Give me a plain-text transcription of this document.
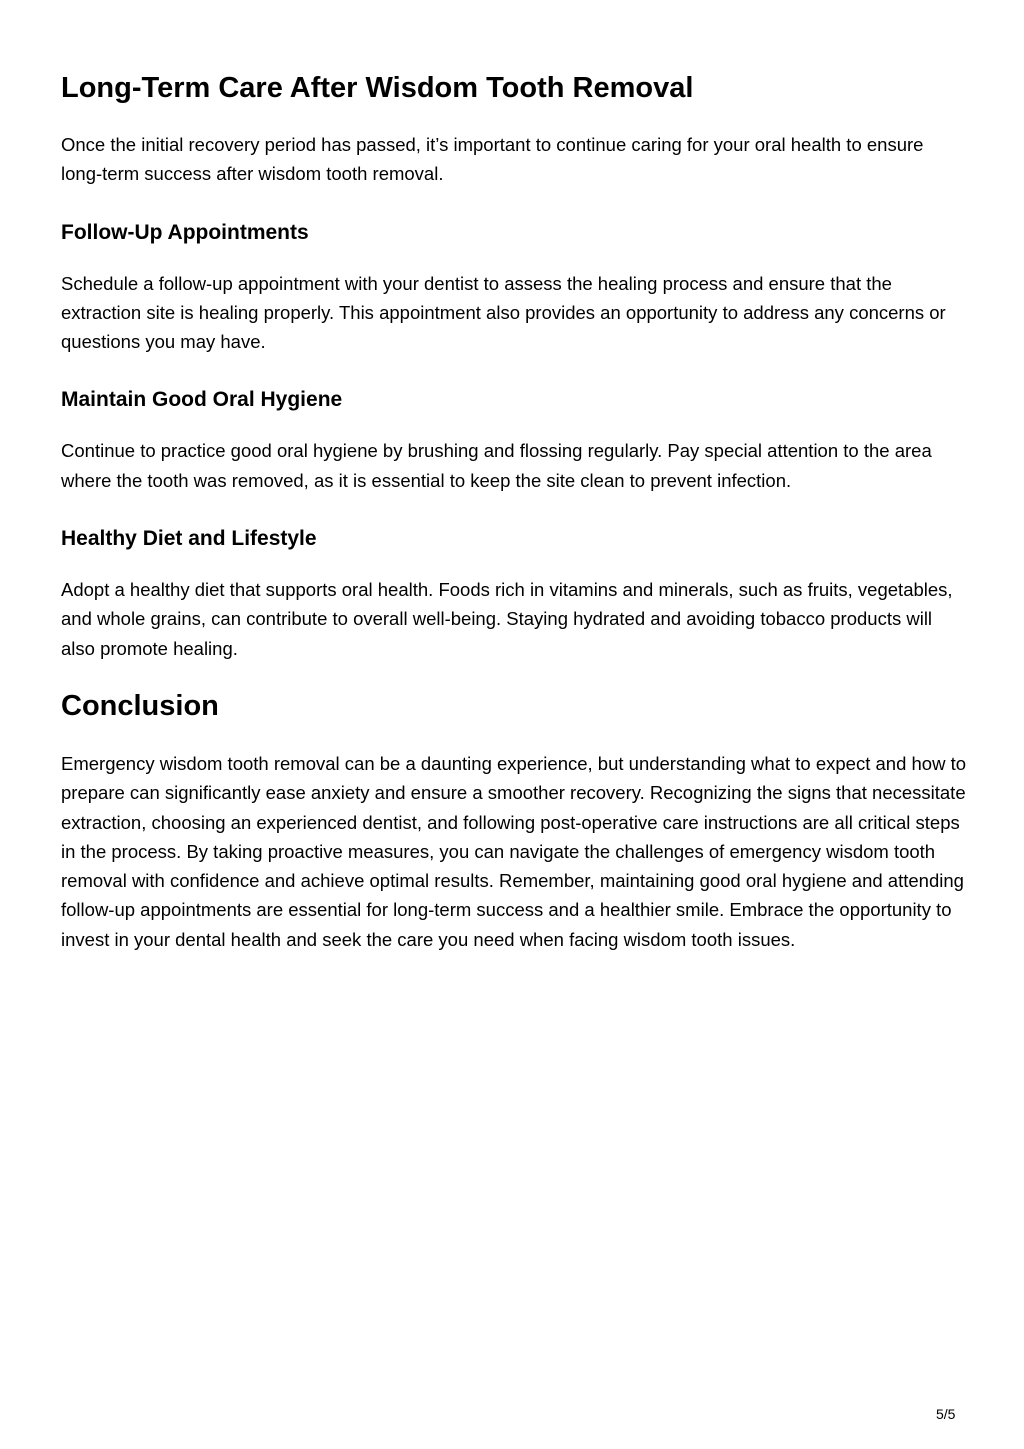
Long-Term Care After Wisdom Tooth Removal

Once the initial recovery period has passed, it’s important to continue caring for your oral health to ensure long-term success after wisdom tooth removal.

Follow-Up Appointments

Schedule a follow-up appointment with your dentist to assess the healing process and ensure that the extraction site is healing properly. This appointment also provides an opportunity to address any concerns or questions you may have.

Maintain Good Oral Hygiene

Continue to practice good oral hygiene by brushing and flossing regularly. Pay special attention to the area where the tooth was removed, as it is essential to keep the site clean to prevent infection.

Healthy Diet and Lifestyle

Adopt a healthy diet that supports oral health. Foods rich in vitamins and minerals, such as fruits, vegetables, and whole grains, can contribute to overall well-being. Staying hydrated and avoiding tobacco products will also promote healing.

Conclusion

Emergency wisdom tooth removal can be a daunting experience, but understanding what to expect and how to prepare can significantly ease anxiety and ensure a smoother recovery. Recognizing the signs that necessitate extraction, choosing an experienced dentist, and following post-operative care instructions are all critical steps in the process. By taking proactive measures, you can navigate the challenges of emergency wisdom tooth removal with confidence and achieve optimal results. Remember, maintaining good oral hygiene and attending follow-up appointments are essential for long-term success and a healthier smile. Embrace the opportunity to invest in your dental health and seek the care you need when facing wisdom tooth issues.

5/5
